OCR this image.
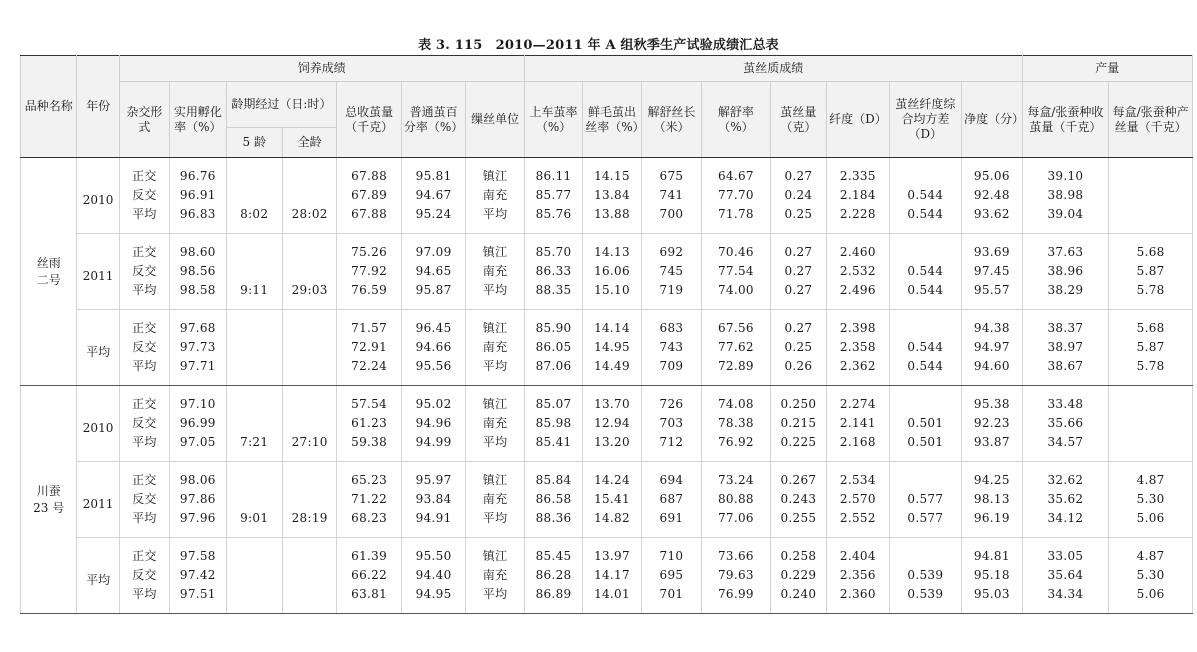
表 3. 115　2010—2011 年 A 组秋季生产试验成绩汇总表
品种名称	年份	饲养成绩							茧丝质成绩								产量	
		杂交形式	实用孵化率（%）	龄期经过（日:时）		总收茧量（千克）	普通茧百分率（%）	缫丝单位	上车茧率（%）	鲜毛茧出丝率（%）	解舒丝长（米）	解舒率（%）	茧丝量（克）	纤度（D）	茧丝纤度综合均方差（D）	净度（分）	每盒/张蚕种收茧量（千克）	每盒/张蚕种产丝量（千克）
				5 龄	全龄													
丝雨二号	2010	正交	96.76			67.88	95.81	镇江	86.11	14.15	675	64.67	0.27	2.335		95.06	39.10	
		反交	96.91			67.89	94.67	南充	85.77	13.84	741	77.70	0.24	2.184	0.544	92.48	38.98	
		平均	96.83	8:02	28:02	67.88	95.24	平均	85.76	13.88	700	71.78	0.25	2.228	0.544	93.62	39.04	
	2011	正交	98.60			75.26	97.09	镇江	85.70	14.13	692	70.46	0.27	2.460		93.69	37.63	5.68
		反交	98.56			77.92	94.65	南充	86.33	16.06	745	77.54	0.27	2.532	0.544	97.45	38.96	5.87
		平均	98.58	9:11	29:03	76.59	95.87	平均	88.35	15.10	719	74.00	0.27	2.496	0.544	95.57	38.29	5.78
	平均	正交	97.68			71.57	96.45	镇江	85.90	14.14	683	67.56	0.27	2.398		94.38	38.37	5.68
		反交	97.73			72.91	94.66	南充	86.05	14.95	743	77.62	0.25	2.358	0.544	94.97	38.97	5.87
		平均	97.71			72.24	95.56	平均	87.06	14.49	709	72.89	0.26	2.362	0.544	94.60	38.67	5.78
川蚕23 号	2010	正交	97.10			57.54	95.02	镇江	85.07	13.70	726	74.08	0.250	2.274		95.38	33.48	
		反交	96.99			61.23	94.96	南充	85.98	12.94	703	78.38	0.215	2.141	0.501	92.23	35.66	
		平均	97.05	7:21	27:10	59.38	94.99	平均	85.41	13.20	712	76.92	0.225	2.168	0.501	93.87	34.57	
	2011	正交	98.06			65.23	95.97	镇江	85.84	14.24	694	73.24	0.267	2.534		94.25	32.62	4.87
		反交	97.86			71.22	93.84	南充	86.58	15.41	687	80.88	0.243	2.570	0.577	98.13	35.62	5.30
		平均	97.96	9:01	28:19	68.23	94.91	平均	88.36	14.82	691	77.06	0.255	2.552	0.577	96.19	34.12	5.06
	平均	正交	97.58			61.39	95.50	镇江	85.45	13.97	710	73.66	0.258	2.404		94.81	33.05	4.87
		反交	97.42			66.22	94.40	南充	86.28	14.17	695	79.63	0.229	2.356	0.539	95.18	35.64	5.30
		平均	97.51			63.81	94.95	平均	86.89	14.01	701	76.99	0.240	2.360	0.539	95.03	34.34	5.06
